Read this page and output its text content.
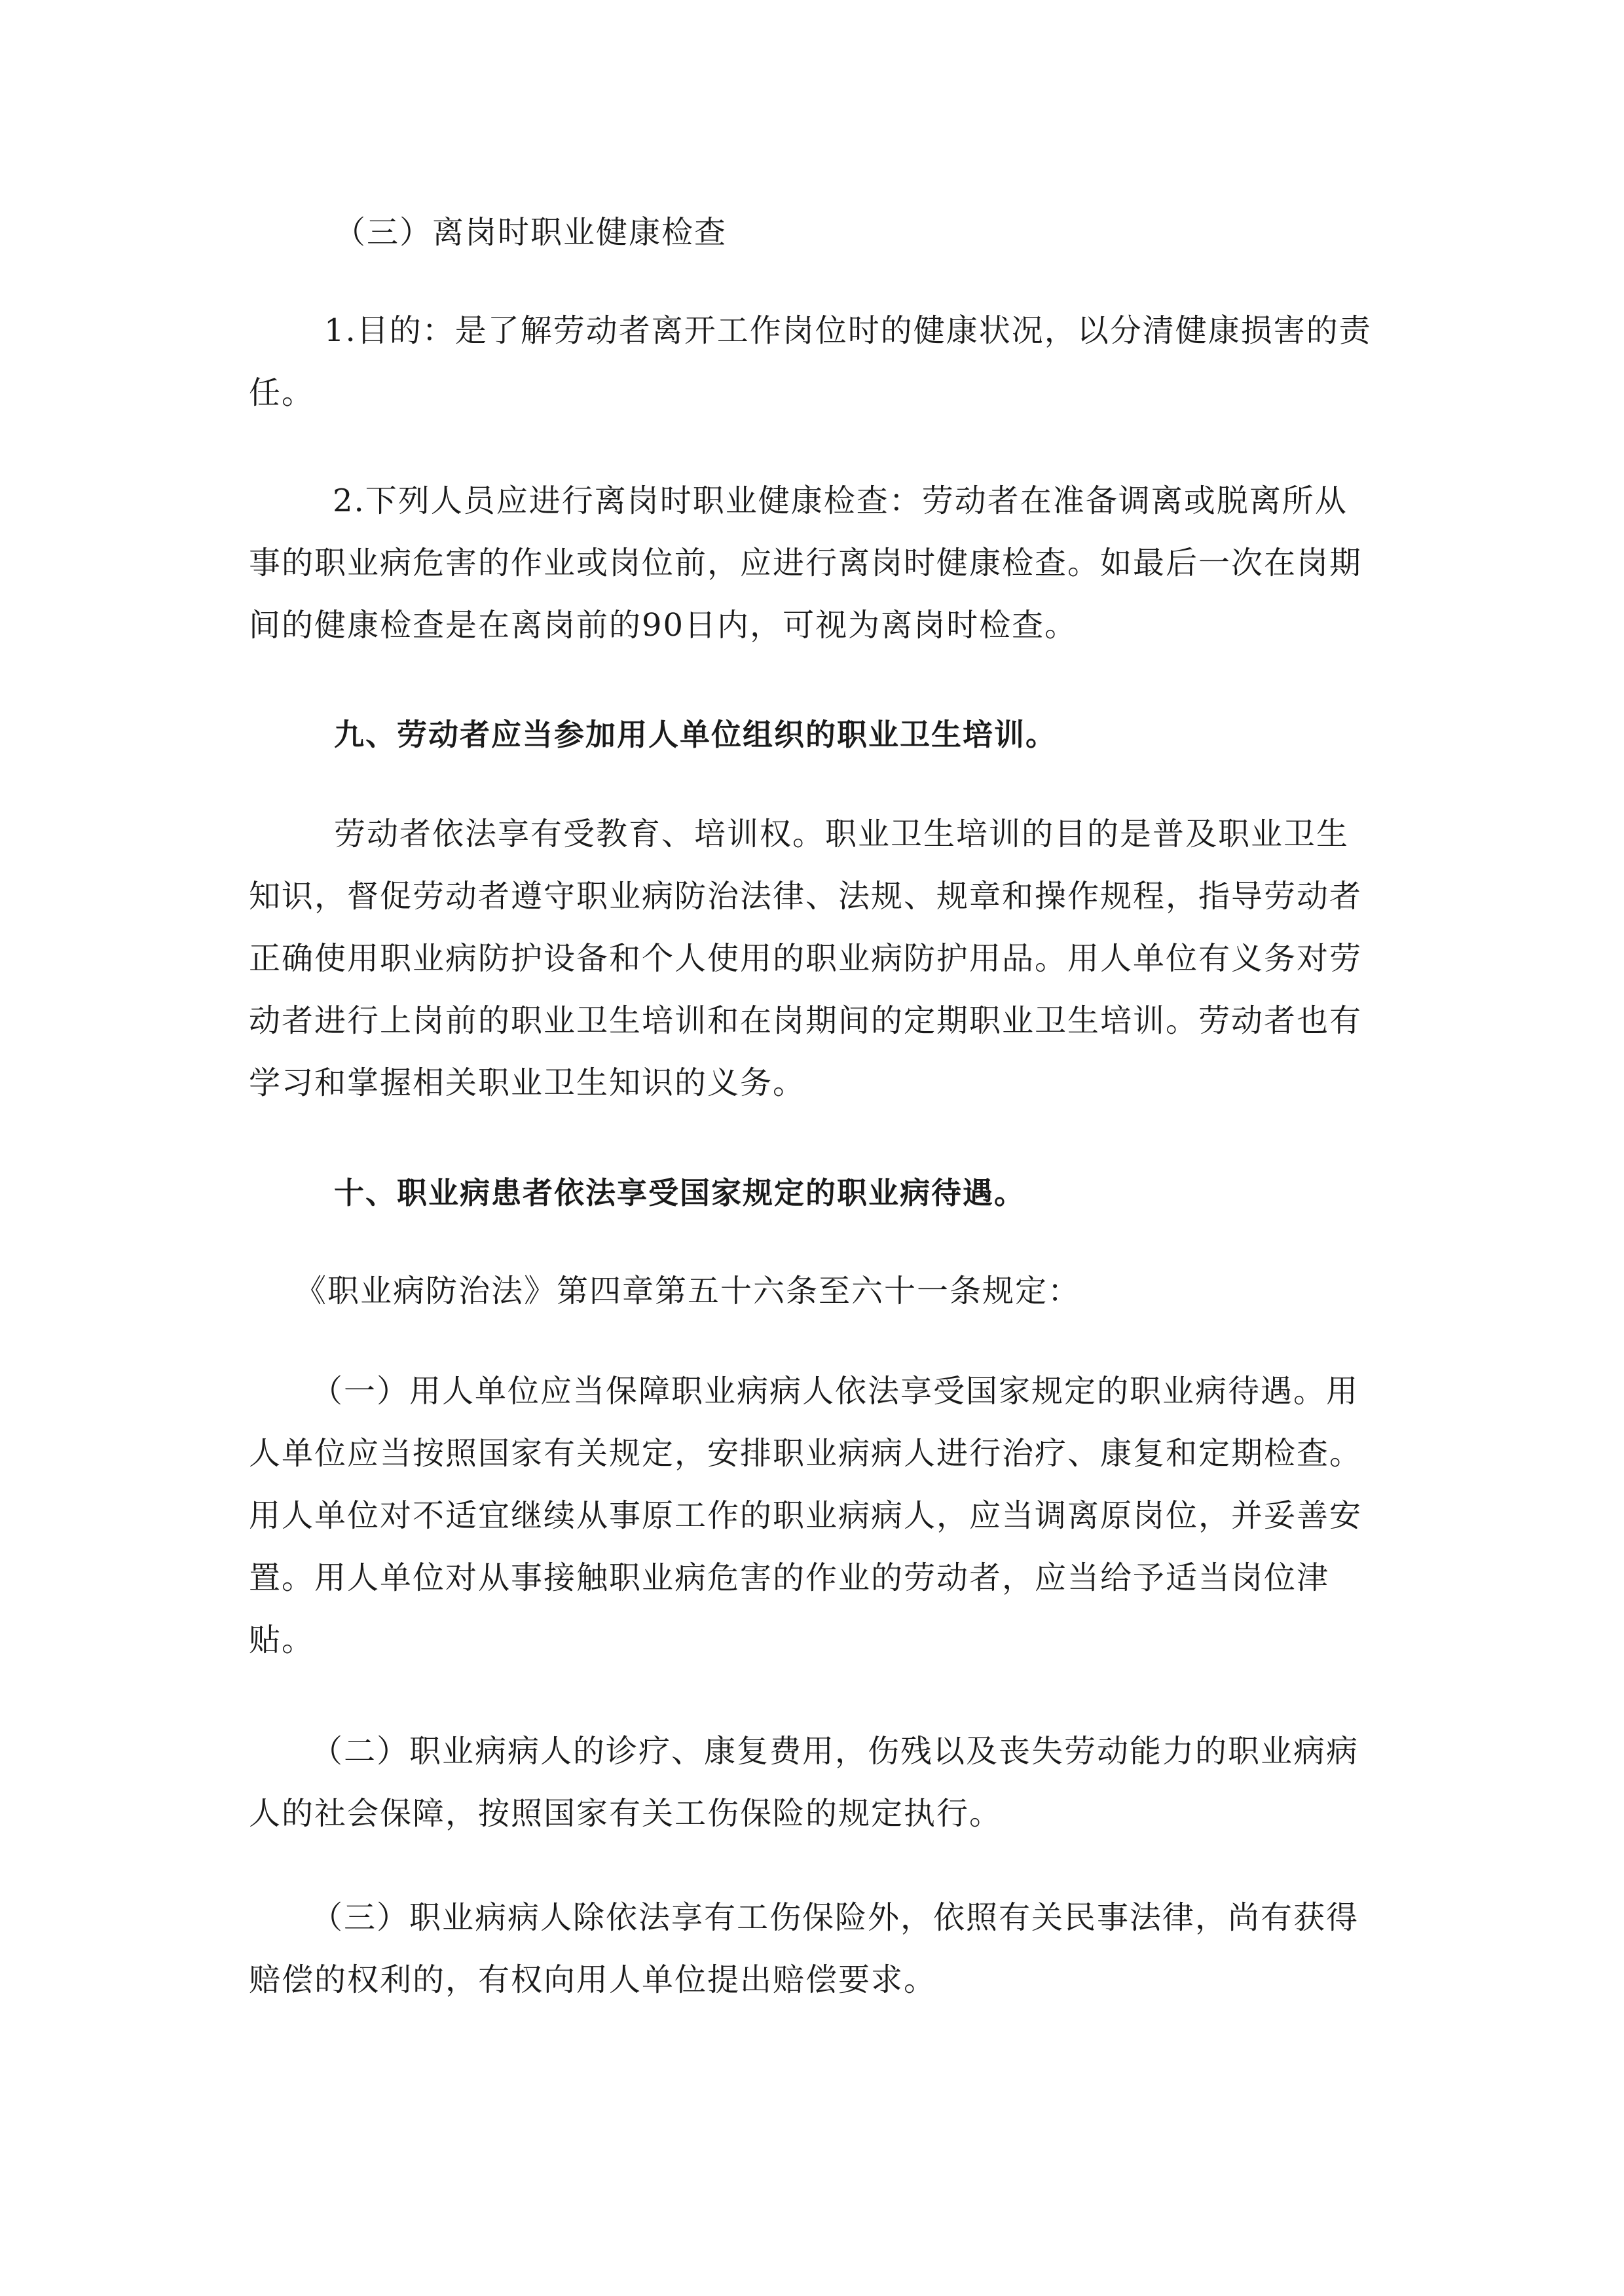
（三）离岗时职业健康检查

1.目的：是了解劳动者离开工作岗位时的健康状况，以分清健康损害的责任。

2.下列人员应进行离岗时职业健康检查：劳动者在准备调离或脱离所从事的职业病危害的作业或岗位前，应进行离岗时健康检查。如最后一次在岗期间的健康检查是在离岗前的90日内，可视为离岗时检查。

九、劳动者应当参加用人单位组织的职业卫生培训。

劳动者依法享有受教育、培训权。职业卫生培训的目的是普及职业卫生知识，督促劳动者遵守职业病防治法律、法规、规章和操作规程，指导劳动者正确使用职业病防护设备和个人使用的职业病防护用品。用人单位有义务对劳动者进行上岗前的职业卫生培训和在岗期间的定期职业卫生培训。劳动者也有学习和掌握相关职业卫生知识的义务。

十、职业病患者依法享受国家规定的职业病待遇。

《职业病防治法》第四章第五十六条至六十一条规定：

（一）用人单位应当保障职业病病人依法享受国家规定的职业病待遇。用人单位应当按照国家有关规定，安排职业病病人进行治疗、康复和定期检查。用人单位对不适宜继续从事原工作的职业病病人，应当调离原岗位，并妥善安置。用人单位对从事接触职业病危害的作业的劳动者，应当给予适当岗位津贴。

（二）职业病病人的诊疗、康复费用，伤残以及丧失劳动能力的职业病病人的社会保障，按照国家有关工伤保险的规定执行。

（三）职业病病人除依法享有工伤保险外，依照有关民事法律，尚有获得赔偿的权利的，有权向用人单位提出赔偿要求。
